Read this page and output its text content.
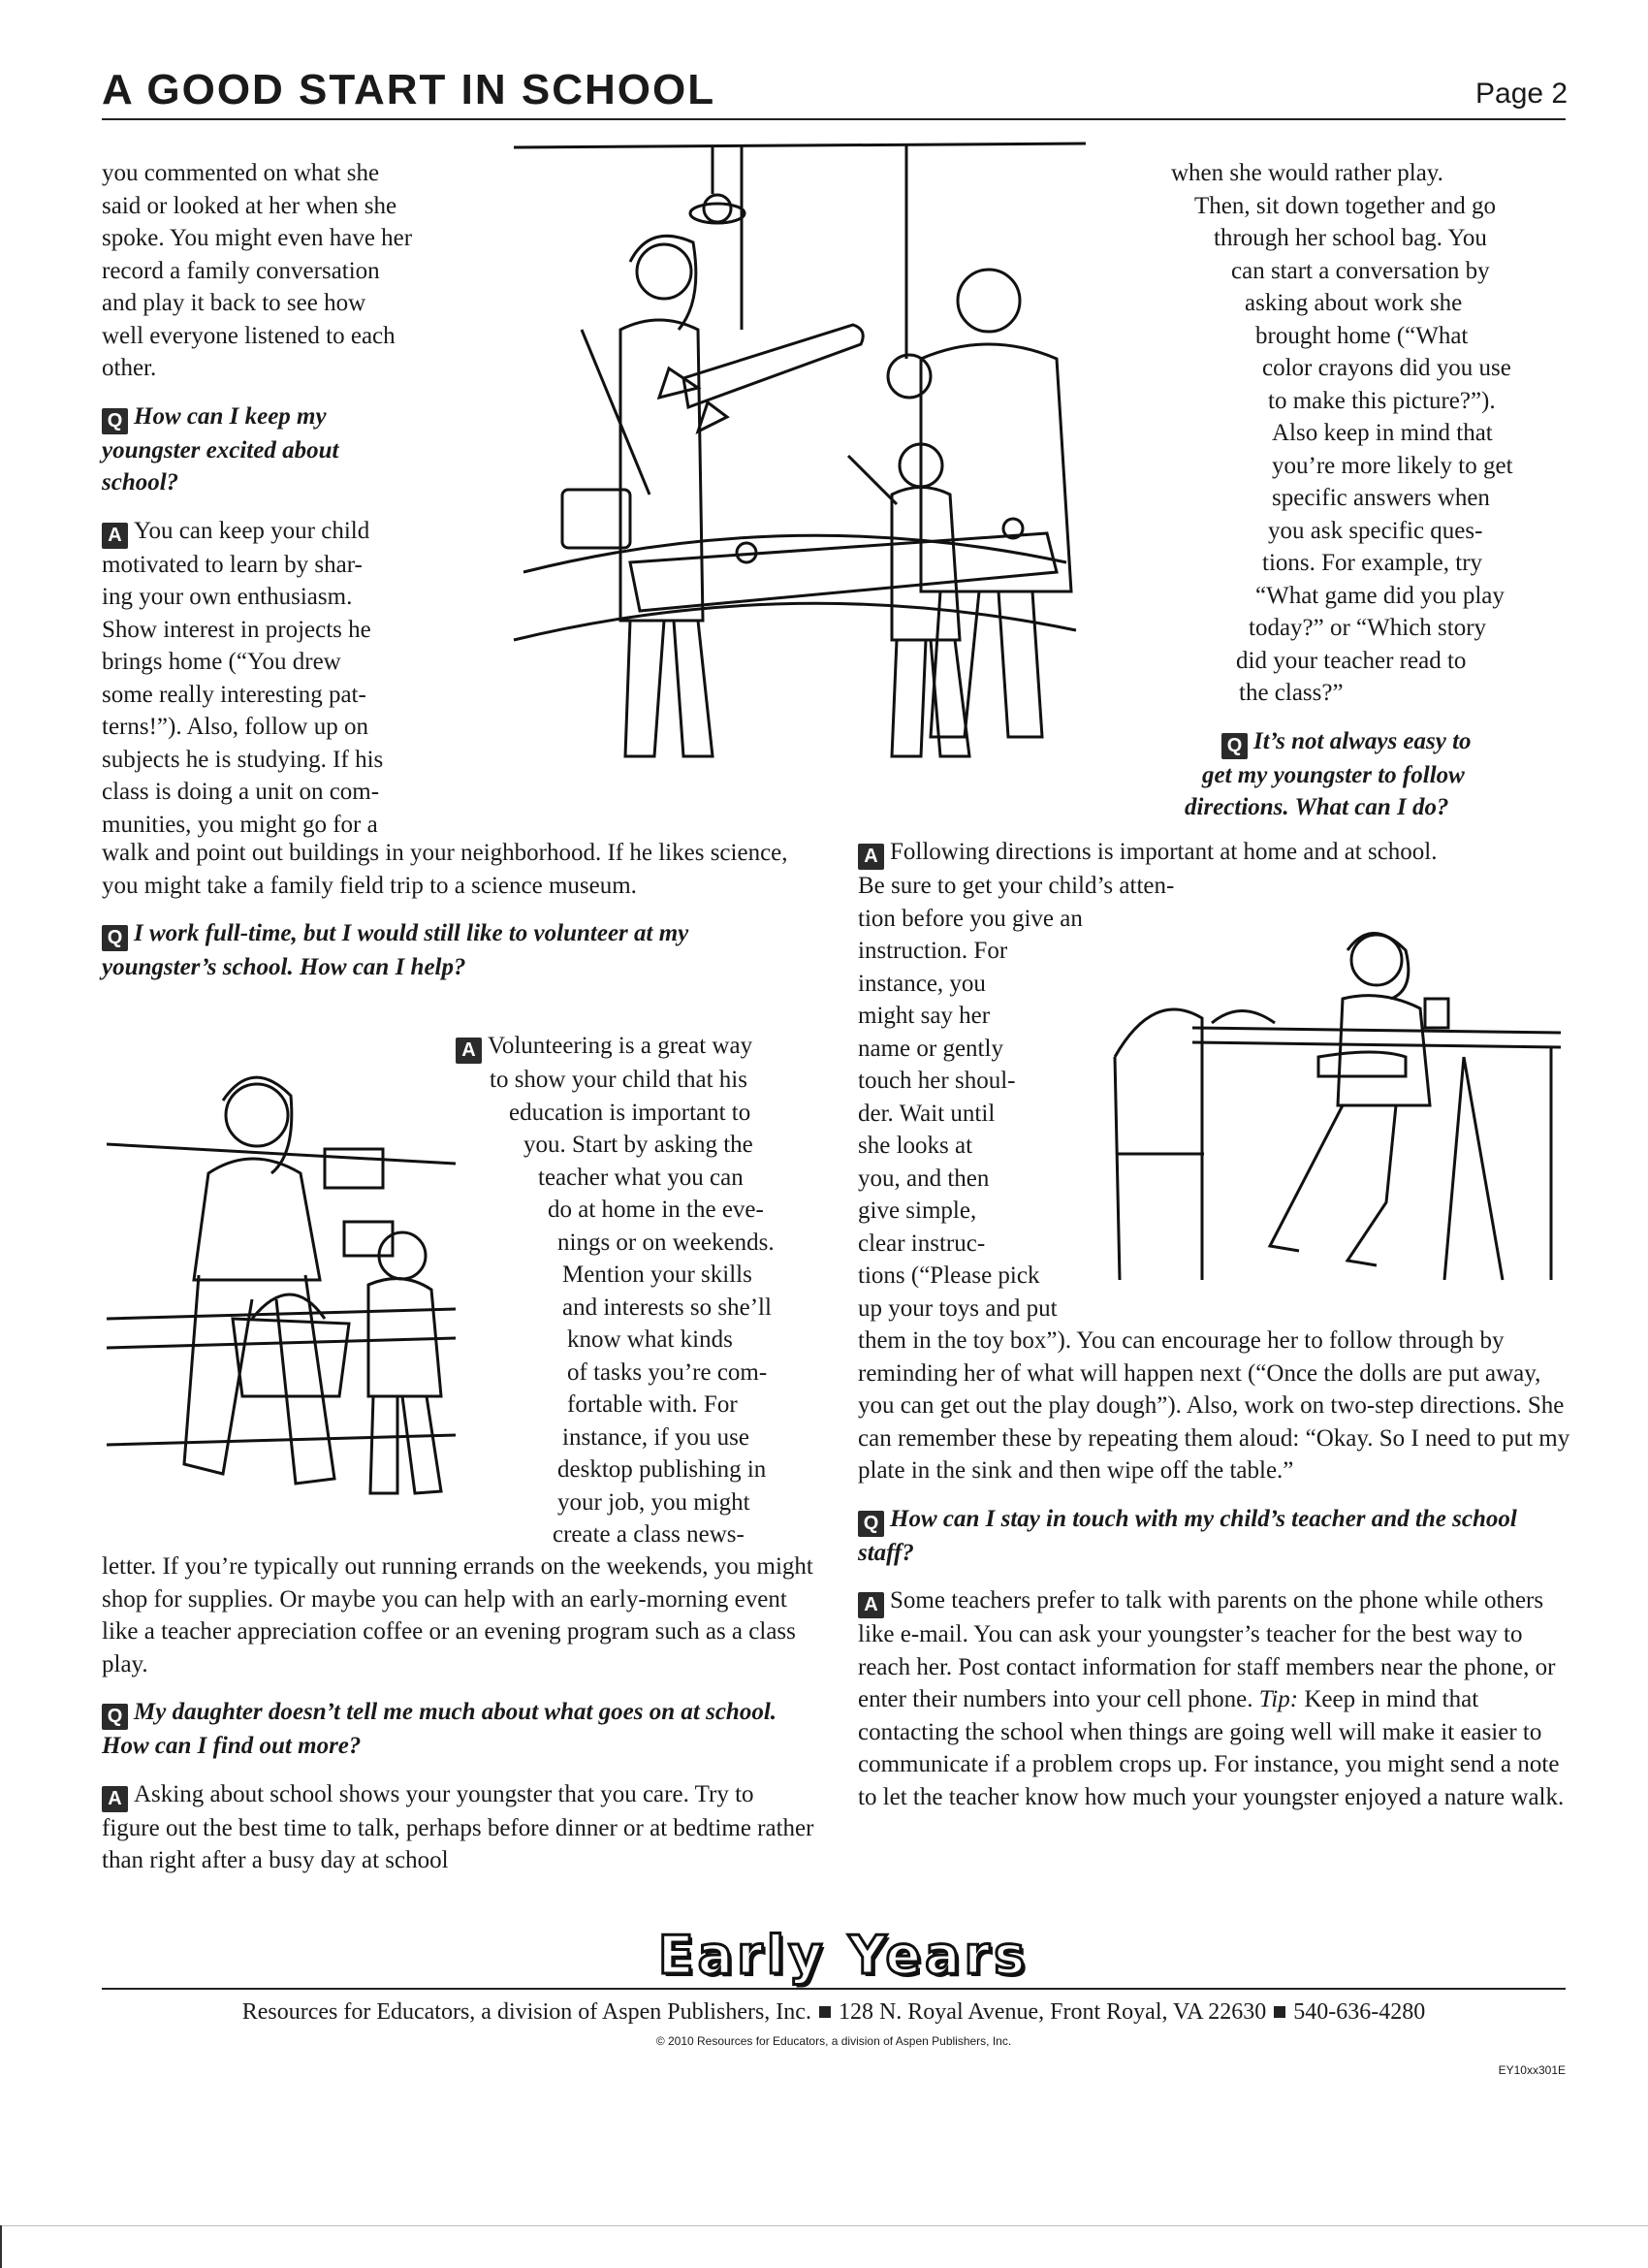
A GOOD START IN SCHOOL	Page 2
you commented on what she
said or looked at her when she
spoke. You might even have her
record a family conversation
and play it back to see how
well everyone listened to each
other.
Q How can I keep my
youngster excited about
school?
A You can keep your child
motivated to learn by shar-
ing your own enthusiasm.
Show interest in projects he
brings home (“You drew
some really interesting pat-
terns!”). Also, follow up on
subjects he is studying. If his
class is doing a unit on com-
munities, you might go for a

walk and point out buildings in your neighborhood. If he likes science, you might take a family field trip to a science museum.

Q I work full-time, but I would still like to volunteer at my youngster’s school. How can I help?
A Volunteering is a great way
to show your child that his
education is important to
you. Start by asking the
teacher what you can
do at home in the eve-
nings or on weekends.
Mention your skills
and interests so she’ll
know what kinds
of tasks you’re com-
fortable with. For
instance, if you use
desktop publishing in
your job, you might
create a class news-

letter. If you’re typically out running errands on the weekends, you might shop for supplies. Or maybe you can help with an early-morning event like a teacher appreciation coffee or an evening program such as a class play.

Q My daughter doesn’t tell me much about what goes on at school. How can I find out more?

A Asking about school shows your youngster that you care. Try to figure out the best time to talk, perhaps before dinner or at bedtime rather than right after a busy day at school

when she would rather play.
Then, sit down together and go
through her school bag. You
can start a conversation by
asking about work she
brought home (“What
color crayons did you use
to make this picture?”).
Also keep in mind that
you’re more likely to get
specific answers when
you ask specific ques-
tions. For example, try
“What game did you play
today?” or “Which story
did your teacher read to
the class?”
Q It’s not always easy to
get my youngster to follow
directions. What can I do?
A Following directions is important at home and at school.
Be sure to get your child’s atten-
tion before you give an
instruction. For
instance, you
might say her
name or gently
touch her shoul-
der. Wait until
she looks at
you, and then
give simple,
clear instruc-
tions (“Please pick
up your toys and put

them in the toy box”). You can encourage her to follow through by reminding her of what will happen next (“Once the dolls are put away, you can get out the play dough”). Also, work on two-step directions. She can remember these by repeating them aloud: “Okay. So I need to put my plate in the sink and then wipe off the table.”

Q How can I stay in touch with my child’s teacher and the school staff?

A Some teachers prefer to talk with parents on the phone while others like e-mail. You can ask your youngster’s teacher for the best way to reach her. Post contact information for staff members near the phone, or enter their numbers into your cell phone. Tip: Keep in mind that contacting the school when things are going well will make it easier to communicate if a problem crops up. For instance, you might send a note to let the teacher know how much your youngster enjoyed a nature walk.

Early Years
Resources for Educators, a division of Aspen Publishers, Inc. 128 N. Royal Avenue, Front Royal, VA 22630 540-636-4280
© 2010 Resources for Educators, a division of Aspen Publishers, Inc.
EY10xx301E
